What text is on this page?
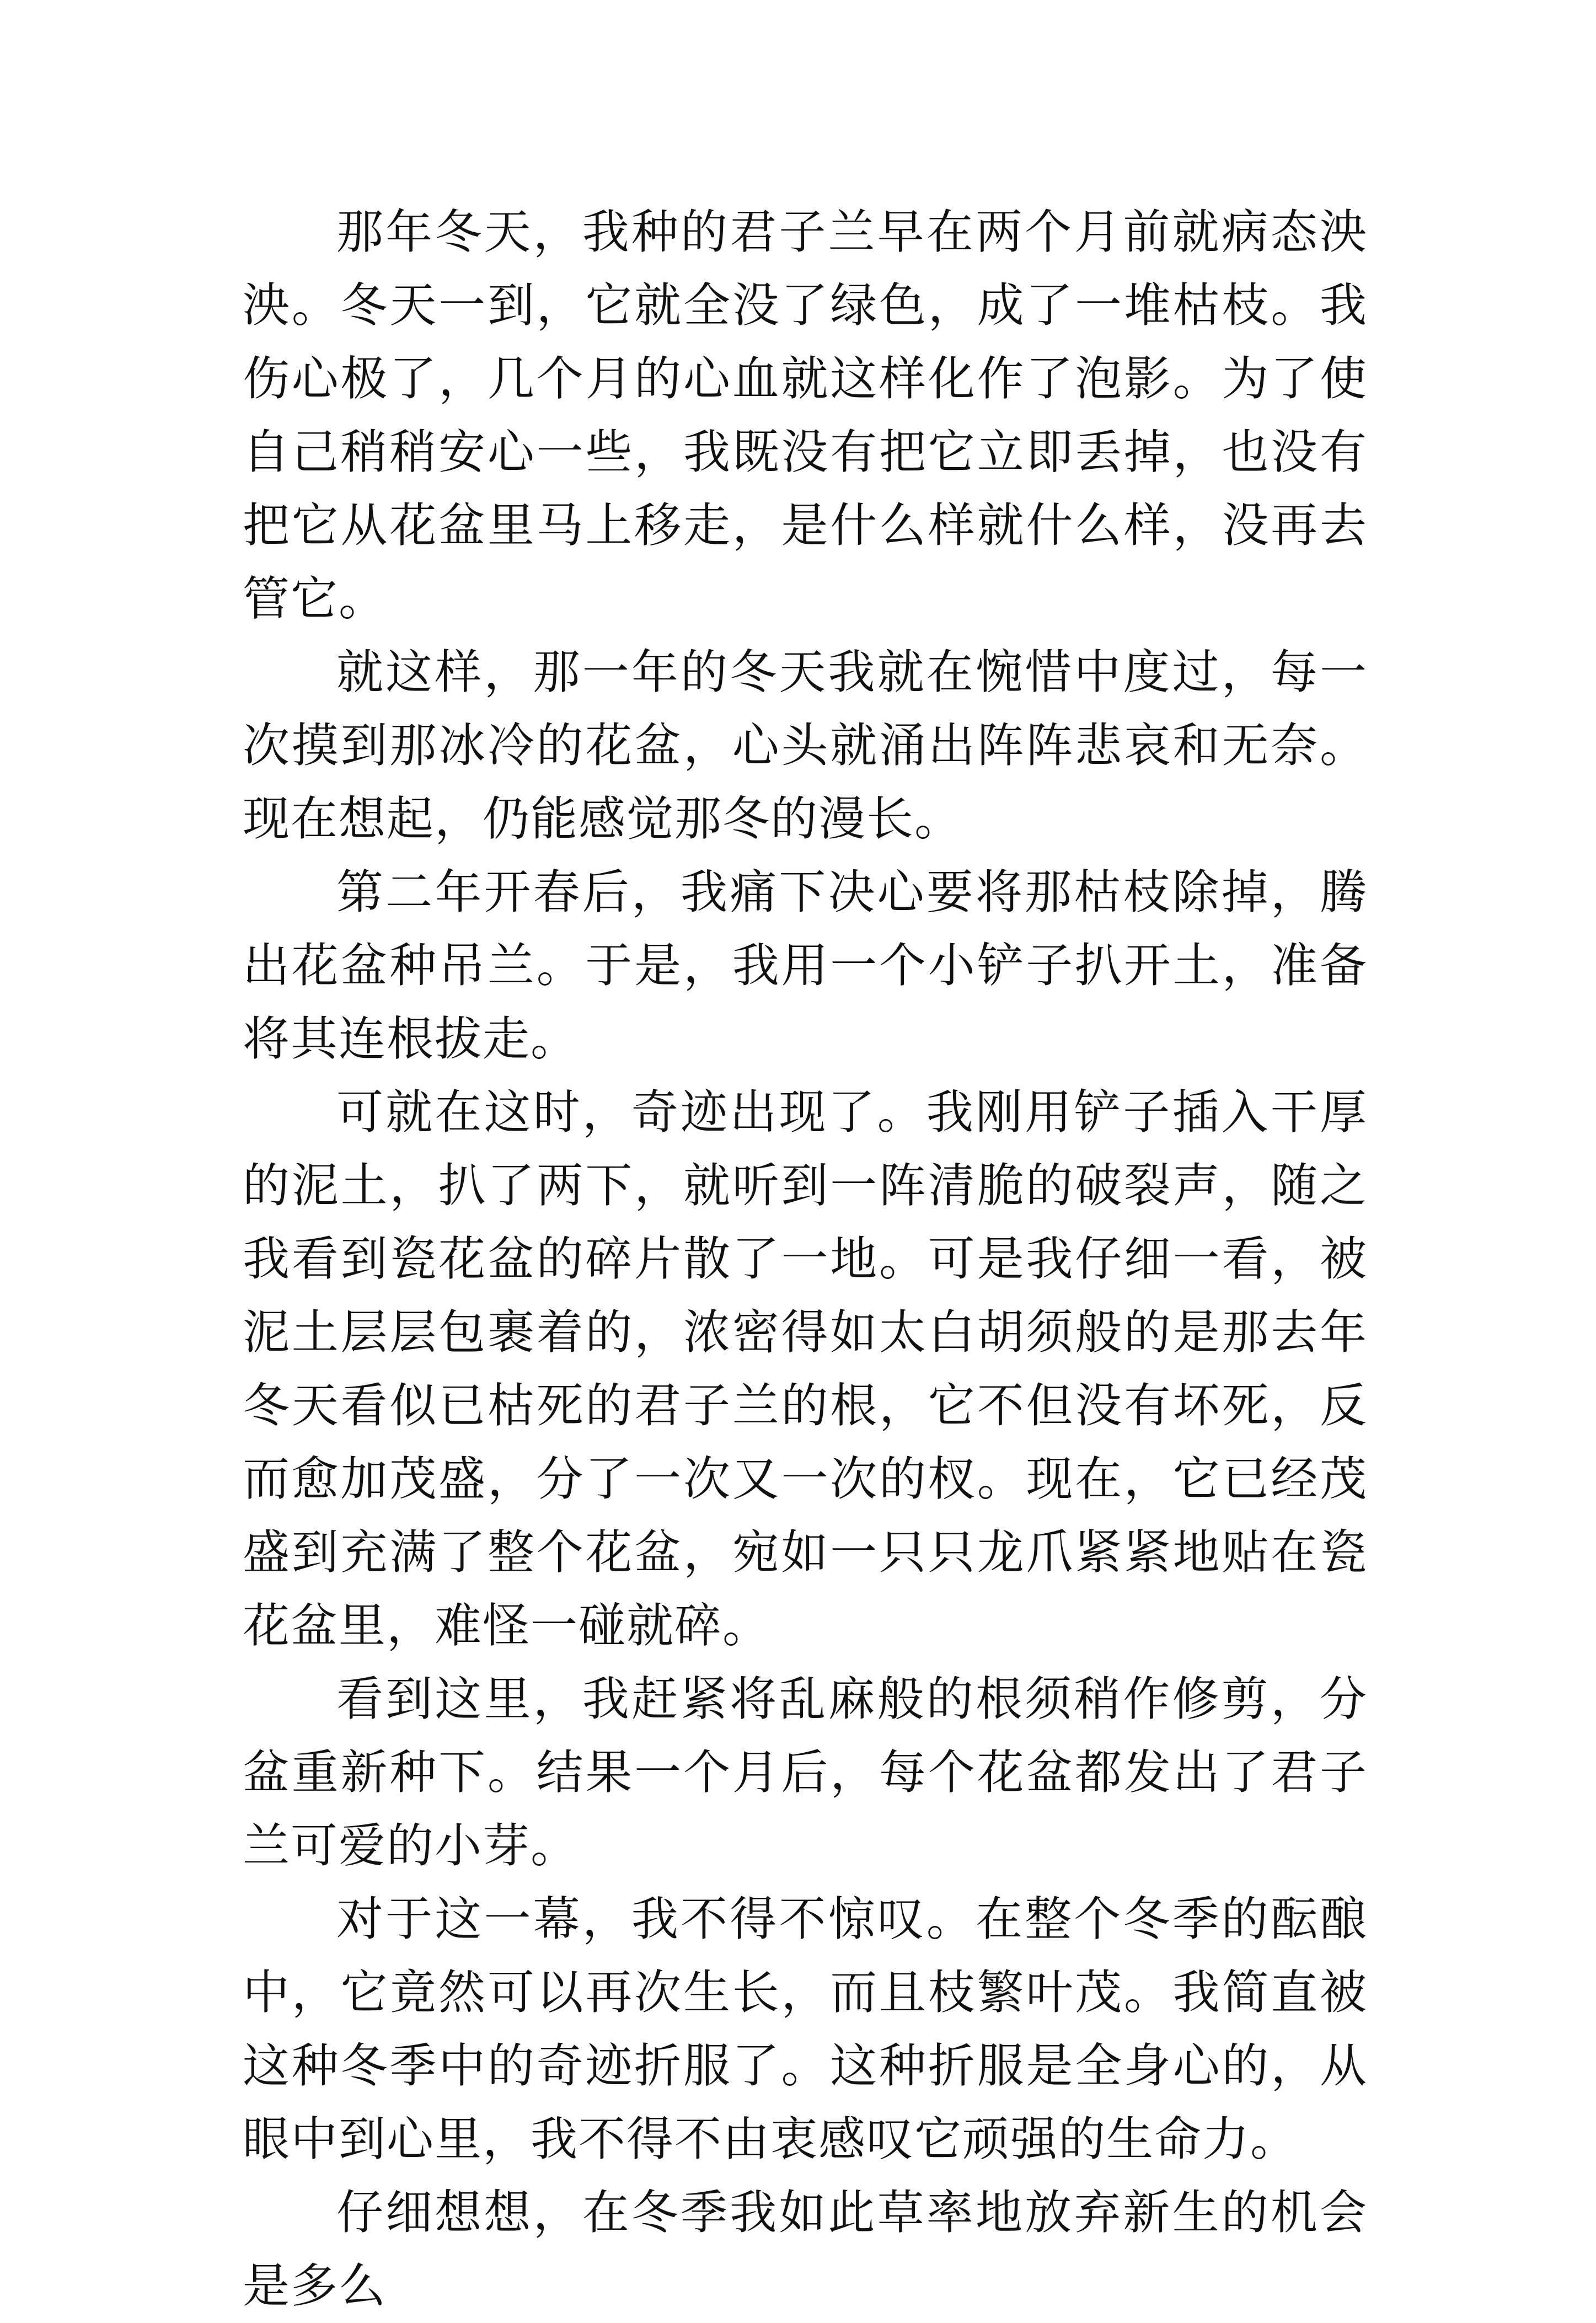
那年冬天，我种的君子兰早在两个月前就病态泱泱。冬天一到，它就全没了绿色，成了一堆枯枝。我伤心极了，几个月的心血就这样化作了泡影。为了使自己稍稍安心一些，我既没有把它立即丢掉，也没有把它从花盆里马上移走，是什么样就什么样，没再去管它。

就这样，那一年的冬天我就在惋惜中度过，每一次摸到那冰冷的花盆，心头就涌出阵阵悲哀和无奈。现在想起，仍能感觉那冬的漫长。

第二年开春后，我痛下决心要将那枯枝除掉，腾出花盆种吊兰。于是，我用一个小铲子扒开土，准备将其连根拔走。

可就在这时，奇迹出现了。我刚用铲子插入干厚的泥土，扒了两下，就听到一阵清脆的破裂声，随之我看到瓷花盆的碎片散了一地。可是我仔细一看，被泥土层层包裹着的，浓密得如太白胡须般的是那去年冬天看似已枯死的君子兰的根，它不但没有坏死，反而愈加茂盛，分了一次又一次的杈。现在，它已经茂盛到充满了整个花盆，宛如一只只龙爪紧紧地贴在瓷花盆里，难怪一碰就碎。

看到这里，我赶紧将乱麻般的根须稍作修剪，分盆重新种下。结果一个月后，每个花盆都发出了君子兰可爱的小芽。

对于这一幕，我不得不惊叹。在整个冬季的酝酿中，它竟然可以再次生长，而且枝繁叶茂。我简直被这种冬季中的奇迹折服了。这种折服是全身心的，从眼中到心里，我不得不由衷感叹它顽强的生命力。

仔细想想，在冬季我如此草率地放弃新生的机会是多么
